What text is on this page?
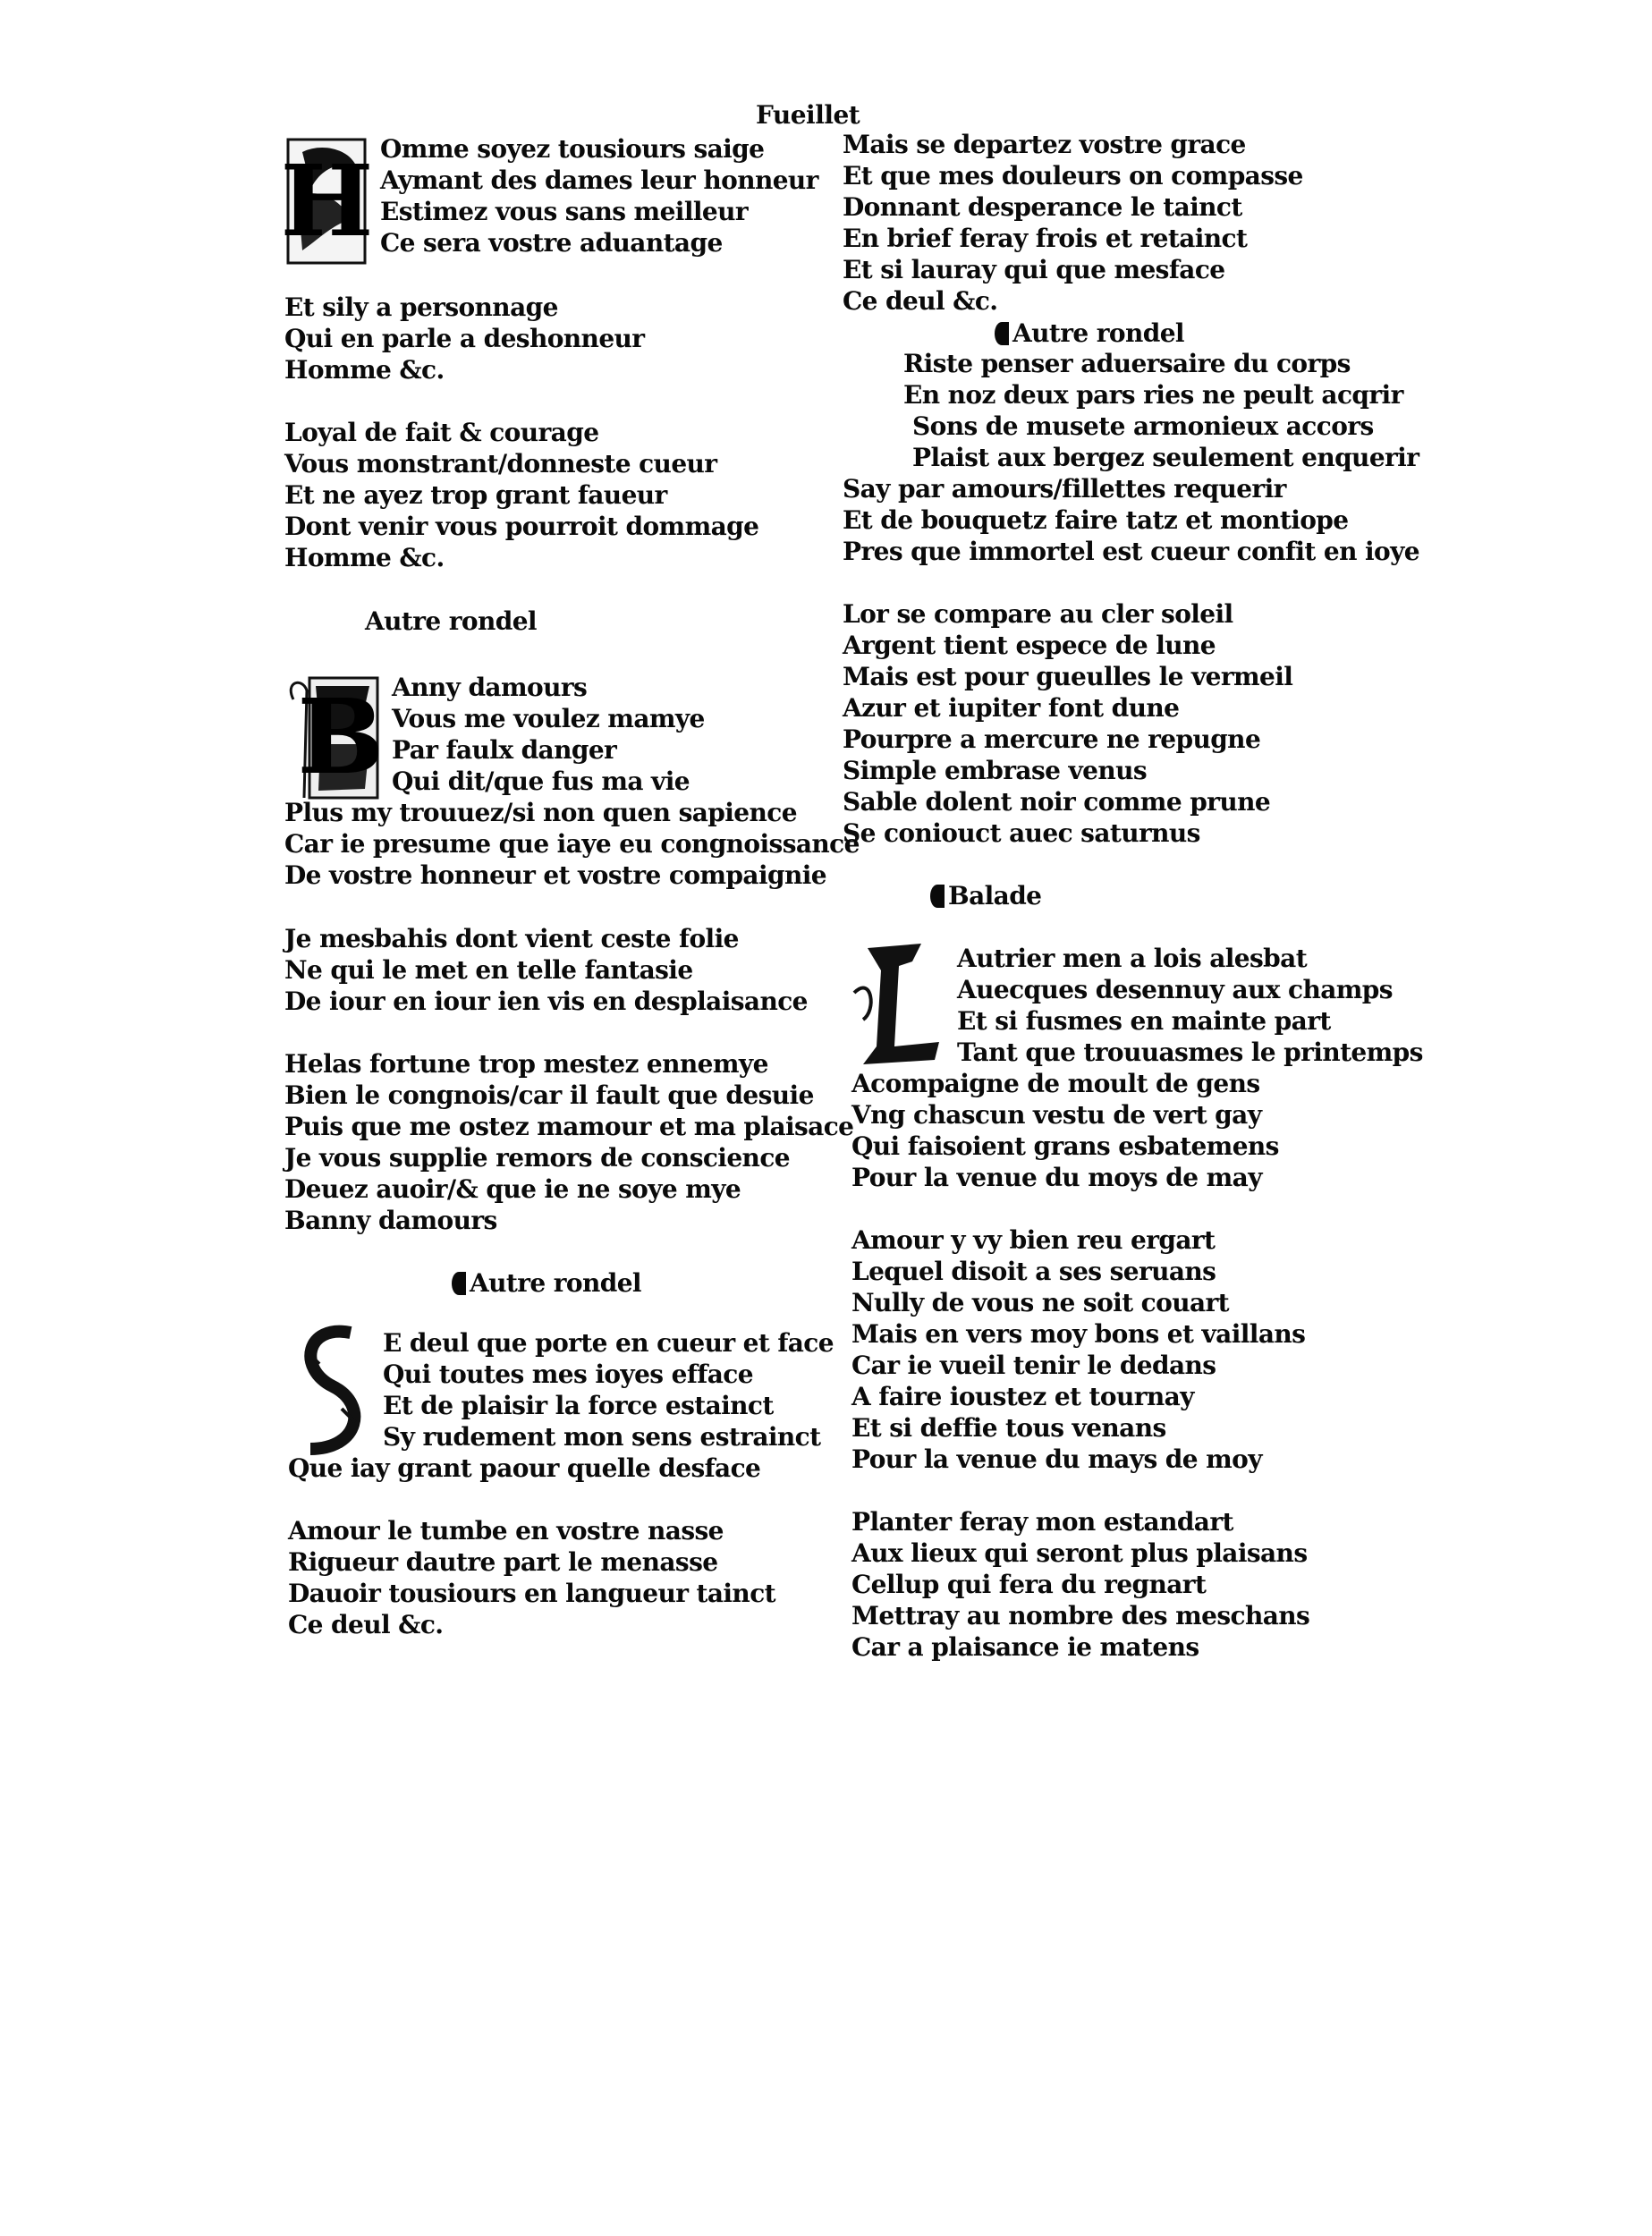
Fueillet
H Omme soyez tousiours saige
Aymant des dames leur honneur
Estimez vous sans meilleur
Ce sera vostre aduantage
Et sily a personnage
Qui en parle a deshonneur
Homme &c.
Loyal de fait & courage
Vous monstrant/donneste cueur
Et ne ayez trop grant faueur
Dont venir vous pourroit dommage
Homme &c.
Autre rondel
B Anny damours
Vous me voulez mamye
Par faulx danger
Qui dit/que fus ma vie
Plus my trouuez/si non quen sapience
Car ie presume que iaye eu congnoissance
De vostre honneur et vostre compaignie
Je mesbahis dont vient ceste folie
Ne qui le met en telle fantasie
De iour en iour ien vis en desplaisance
Helas fortune trop mestez ennemye
Bien le congnois/car il fault que desuie
Puis que me ostez mamour et ma plaisace
Je vous supplie remors de conscience
Deuez auoir/& que ie ne soye mye
Banny damours
Autre rondel
E deul que porte en cueur et face
Qui toutes mes ioyes efface
Et de plaisir la force estainct
Sy rudement mon sens estrainct
Que iay grant paour quelle desface
Amour le tumbe en vostre nasse
Rigueur dautre part le menasse
Dauoir tousiours en langueur tainct
Ce deul &c.
Mais se departez vostre grace
Et que mes douleurs on compasse
Donnant desperance le tainct
En brief feray frois et retainct
Et si lauray qui que mesface
Ce deul &c.
Autre rondel
Riste penser aduersaire du corps
En noz deux pars ries ne peult acqrir
Sons de musete armonieux accors
Plaist aux bergez seulement enquerir
Say par amours/fillettes requerir
Et de bouquetz faire tatz et montiope
Pres que immortel est cueur confit en ioye
Lor se compare au cler soleil
Argent tient espece de lune
Mais est pour gueulles le vermeil
Azur et iupiter font dune
Pourpre a mercure ne repugne
Simple embrase venus
Sable dolent noir comme prune
Se coniouct auec saturnus
Balade
Autrier men a lois alesbat
Auecques desennuy aux champs
Et si fusmes en mainte part
Tant que trouuasmes le printemps
Acompaigne de moult de gens
Vng chascun vestu de vert gay
Qui faisoient grans esbatemens
Pour la venue du moys de may
Amour y vy bien reu ergart
Lequel disoit a ses seruans
Nully de vous ne soit couart
Mais en vers moy bons et vaillans
Car ie vueil tenir le dedans
A faire ioustez et tournay
Et si deffie tous venans
Pour la venue du mays de moy
Planter feray mon estandart
Aux lieux qui seront plus plaisans
Cellup qui fera du regnart
Mettray au nombre des meschans
Car a plaisance ie matens
